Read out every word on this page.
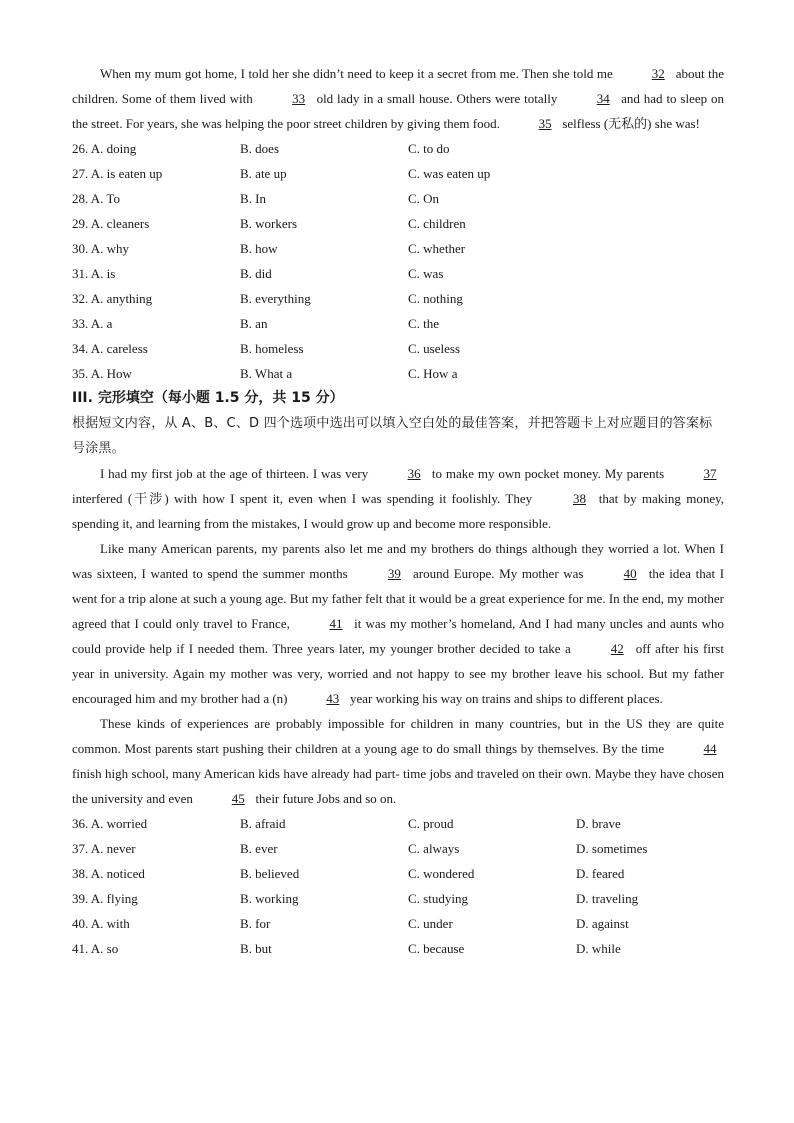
When my mum got home, I told her she didn’t need to keep it a secret from me. Then she told me	32 about the children. Some of them lived with	33 old lady in a small house. Others were totally	34 and had to sleep on the street. For years, she was helping the poor street children by giving them food.	35 selfless (无私的) she was!

26. A. doing	B. does	C. to do
27. A. is eaten up	B. ate up	C. was eaten up
28. A. To	B. In	C. On
29. A. cleaners	B. workers	C. children
30. A. why	B. how	C. whether
31. A. is	B. did	C. was
32. A. anything	B. everything	C. nothing
33. A. a	B. an	C. the
34. A. careless	B. homeless	C. useless
35. A. How	B. What a	C. How a

III. 完形填空（每小题 1.5 分，共 15 分）

根据短文内容，从 A、B、C、D 四个选项中选出可以填入空白处的最佳答案，并把答题卡上对应题目的答案标号涂黑。

I had my first job at the age of thirteen. I was very	36 to make my own pocket money. My parents	37 interfered (干涉) with how I spent it, even when I was spending it foolishly. They	38 that by making money, spending it, and learning from the mistakes, I would grow up and become more responsible.

Like many American parents, my parents also let me and my brothers do things although they worried a lot. When I was sixteen, I wanted to spend the summer months	39 around Europe. My mother was	40 the idea that I went for a trip alone at such a young age. But my father felt that it would be a great experience for me. In the end, my mother agreed that I could only travel to France,	41 it was my mother’s homeland, And I had many uncles and aunts who could provide help if I needed them. Three years later, my younger brother decided to take a	42 off after his first year in university. Again my mother was very, worried and not happy to see my brother leave his school. But my father encouraged him and my brother had a (n)	43 year working his way on trains and ships to different places.

These kinds of experiences are probably impossible for children in many countries, but in the US they are quite common. Most parents start pushing their children at a young age to do small things by themselves. By the time	44 finish high school, many American kids have already had part- time jobs and traveled on their own. Maybe they have chosen the university and even	45 their future Jobs and so on.

36. A. worried	B. afraid	C. proud	D. brave
37. A. never	B. ever	C. always	D. sometimes
38. A. noticed	B. believed	C. wondered	D. feared
39. A. flying	B. working	C. studying	D. traveling
40. A. with	B. for	C. under	D. against
41. A. so	B. but	C. because	D. while
